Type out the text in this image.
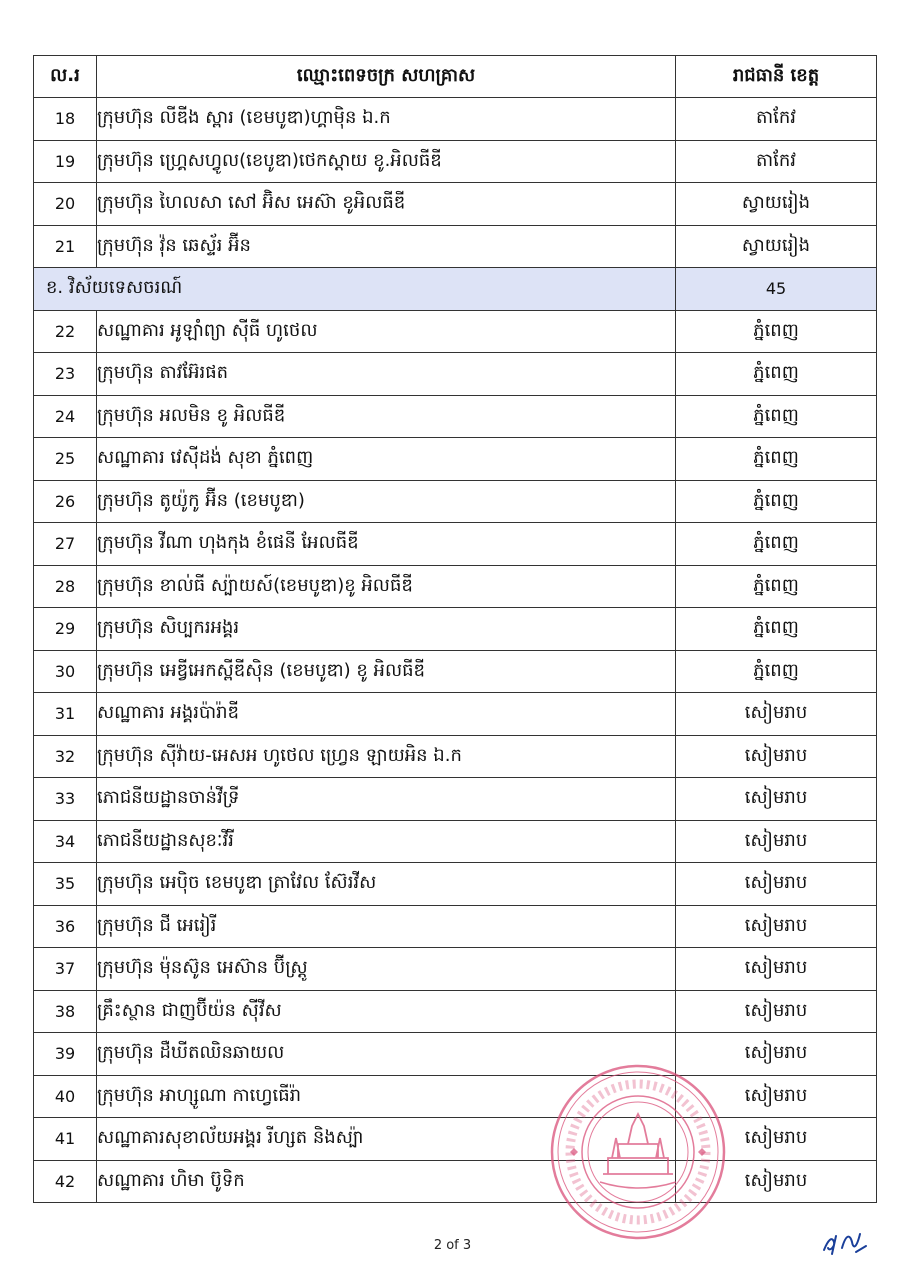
ល.រ	ឈ្មោះពេទចក្រ សហគ្រាស	រាជធានី ខេត្ត
18	ក្រុមហ៊ុន លីឌីង ស្ពារ (ខេមបូឌា)ហ្គាម៉ិន ឯ.ក	តាកែវ
19	ក្រុមហ៊ុន ហ្គ្រេសហ្វូល(ខេបូឌា)ថេកស្ដាយ ខូ.អិលធីឌី	តាកែវ
20	ក្រុមហ៊ុន ហៃលសា សៅ អ៊ិស អេស៊ា ខូអិលធីឌី	ស្វាយរៀង
21	ក្រុមហ៊ុន វ៉ុន ឆេស្ទ័រ អ៊ីន	ស្វាយរៀង
ខ. វិស័យទេសចរណ៍		45
22	សណ្ឋាគារ អូឡាំព្យា ស៊ីធី ហូថេល	ភ្នំពេញ
23	ក្រុមហ៊ុន តាវអ៊ែរផត	ភ្នំពេញ
24	ក្រុមហ៊ុន អលមិន ខូ អិលធីឌី	ភ្នំពេញ
25	សណ្ឋាគារ វេស៊ីដង់ សុខា ភ្នំពេញ	ភ្នំពេញ
26	ក្រុមហ៊ុន តូយ៉ូកូ អ៊ីន (ខេមបូឌា)	ភ្នំពេញ
27	ក្រុមហ៊ុន វីណា ហុងកុង ខំផេនី អែលធីឌី	ភ្នំពេញ
28	ក្រុមហ៊ុន ខាល់ធី ស្ប៉ាយស៍(ខេមបូឌា)ខូ អិលធីឌី	ភ្នំពេញ
29	ក្រុមហ៊ុន សិប្បករអង្គរ	ភ្នំពេញ
30	ក្រុមហ៊ុន អេឌ្វីអេកស្ពីឌីស៊ិន (ខេមបូឌា) ខូ អិលធីឌី	ភ្នំពេញ
31	សណ្ឋាគារ អង្គរប៉ារ៉ាឌី	សៀមរាប
32	ក្រុមហ៊ុន ស៊ីវ៉ាយ-អេសអ ហូថេល ហ្វ្រេន ឡាយអិន ឯ.ក	សៀមរាប
33	ភោជនីយដ្ឋានចាន់វីទ្រី	សៀមរាប
34	ភោជនីយដ្ឋានសុខៈវីរី	សៀមរាប
35	ក្រុមហ៊ុន អេប៉ិច ខេមបូឌា ត្រាវែល ស៊ែរវីស	សៀមរាប
36	ក្រុមហ៊ុន ជី អេរៀរី	សៀមរាប
37	ក្រុមហ៊ុន ម៉ុនស៊ូន អេស៊ាន ប៊ីស្ត្រូ	សៀមរាប
38	គ្រឹះស្ថាន ជាញប៊ីយ៉ន ស៊ីវីស	សៀមរាប
39	ក្រុមហ៊ុន ដឺឃីតឈិនឆាយល	សៀមរាប
40	ក្រុមហ៊ុន អាហ្សូណា កាហ្វេធើរ៉ា	សៀមរាប
41	សណ្ឋាគារសុខាល័យអង្គរ រីហ្សត និងស្ប៉ា	សៀមរាប
42	សណ្ឋាគារ ហិមា ប៊ូទិក	សៀមរាប
2 of 3
